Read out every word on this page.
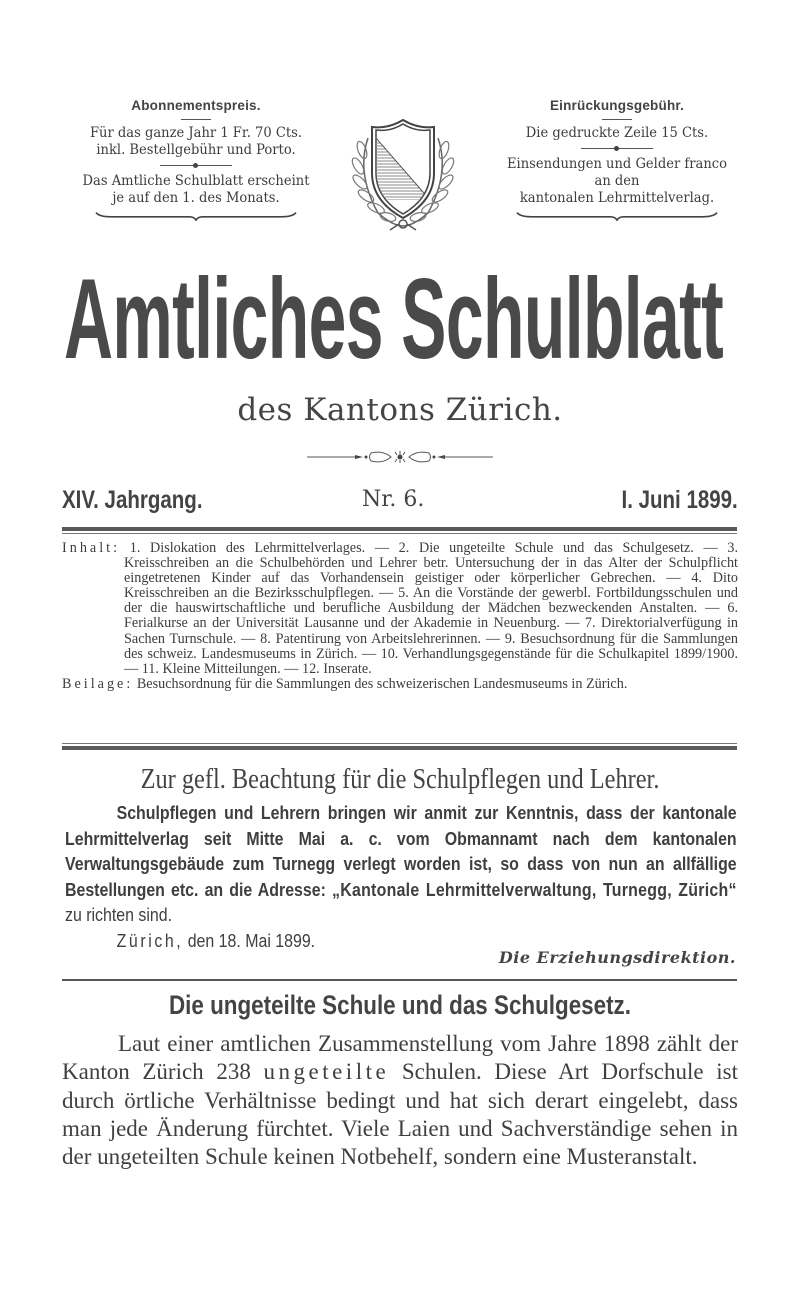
Abonnementspreis.
Für das ganze Jahr 1 Fr. 70 Cts.
inkl. Bestellgebühr und Porto.
Das Amtliche Schulblatt erscheint
je auf den 1. des Monats.
Einrückungsgebühr.
Die gedruckte Zeile 15 Cts.
Einsendungen und Gelder franco
an den
kantonalen Lehrmittelverlag.
Amtliches Schulblatt
des Kantons Zürich.
XIV. Jahrgang.	Nr. 6.	I. Juni 1899.

Inhalt: 1. Dislokation des Lehrmittelverlages. — 2. Die ungeteilte Schule und das Schulgesetz. — 3. Kreisschreiben an die Schulbehörden und Lehrer betr. Untersuchung der in das Alter der Schulpflicht eingetretenen Kinder auf das Vorhandensein geistiger oder körperlicher Gebrechen. — 4. Dito Kreisschreiben an die Bezirksschulpflegen. — 5. An die Vorstände der gewerbl. Fortbildungsschulen und der die hauswirtschaftliche und berufliche Ausbildung der Mädchen bezweckenden Anstalten. — 6. Ferialkurse an der Universität Lausanne und der Akademie in Neuenburg. — 7. Direktorialverfügung in Sachen Turnschule. — 8. Patentirung von Arbeitslehrerinnen. — 9. Besuchsordnung für die Sammlungen des schweiz. Landesmuseums in Zürich. — 10. Verhandlungsgegenstände für die Schulkapitel 1899/1900. — 11. Kleine Mitteilungen. — 12. Inserate.

Beilage: Besuchsordnung für die Sammlungen des schweizerischen Landesmuseums in Zürich.

Zur gefl. Beachtung für die Schulpflegen und Lehrer.
Schulpflegen und Lehrern bringen wir anmit zur Kenntnis, dass der kantonale Lehrmittelverlag seit Mitte Mai a. c. vom Obmannamt nach dem kantonalen Verwaltungsgebäude zum Turnegg verlegt worden ist, so dass von nun an allfällige Bestellungen etc. an die Adresse: „Kantonale Lehrmittelverwaltung, Turnegg, Zürich“ zu richten sind.
Zürich, den 18. Mai 1899.
Die Erziehungsdirektion.
Die ungeteilte Schule und das Schulgesetz.

Laut einer amtlichen Zusammenstellung vom Jahre 1898 zählt der Kanton Zürich 238 ungeteilte Schulen. Diese Art Dorfschule ist durch örtliche Verhältnisse bedingt und hat sich derart eingelebt, dass man jede Änderung fürchtet. Viele Laien und Sachverständige sehen in der ungeteilten Schule keinen Notbehelf, sondern eine Musteranstalt.
